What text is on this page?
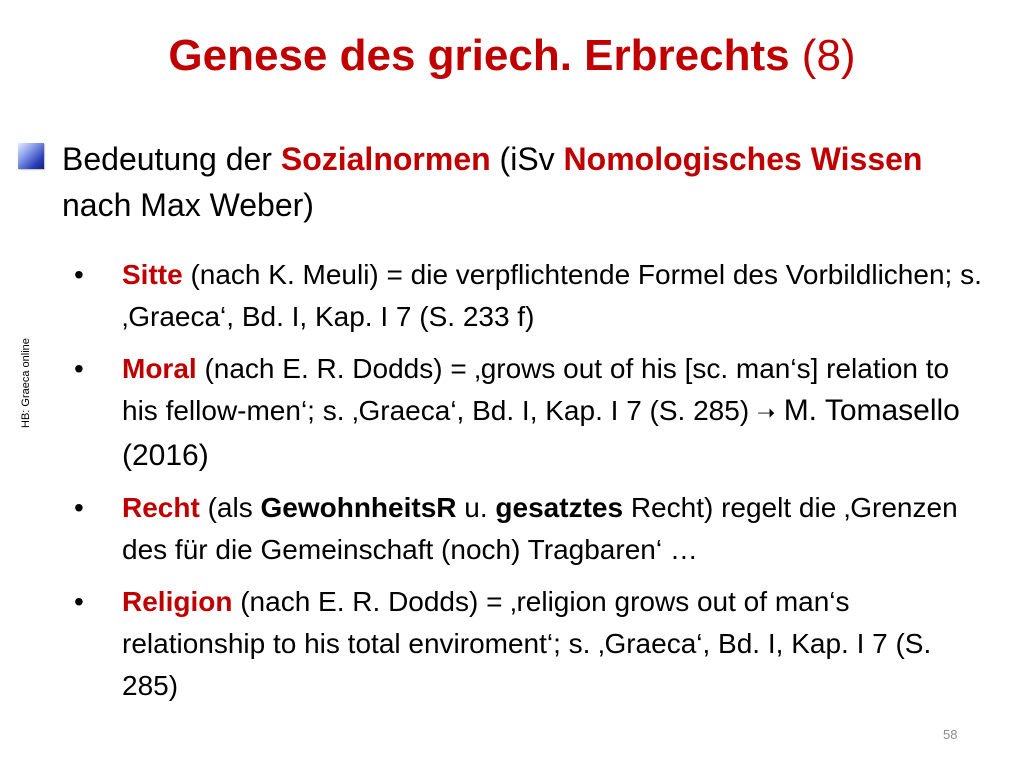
Genese des griech. Erbrechts (8)
HB: Graeca online
Bedeutung der Sozialnormen (iSv Nomologisches Wissen nach Max Weber)
• Sitte (nach K. Meuli) = die verpflichtende Formel des Vorbildlichen; s. ‚Graeca‘, Bd. I, Kap. I 7 (S. 233 f)
• Moral (nach E. R. Dodds) = ‚grows out of his [sc. man‘s] relation to his fellow-men‘; s. ‚Graeca‘, Bd. I, Kap. I 7 (S. 285) ➝ M. Tomasello (2016)
• Recht (als GewohnheitsR u. gesatztes Recht) regelt die ‚Grenzen des für die Gemeinschaft (noch) Tragbaren‘ …
• Religion (nach E. R. Dodds) = ‚religion grows out of man‘s relationship to his total enviroment‘; s. ‚Graeca‘, Bd. I, Kap. I 7 (S. 285)
58
